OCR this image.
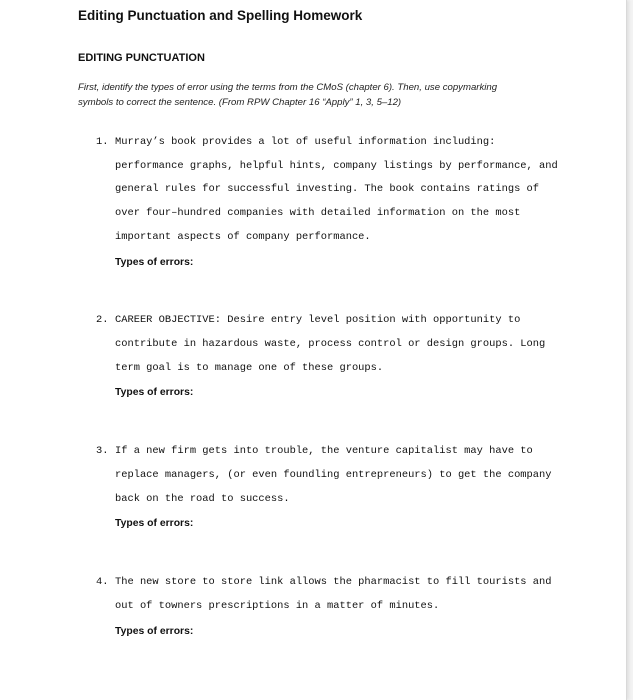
Editing Punctuation and Spelling Homework
EDITING PUNCTUATION
First, identify the types of error using the terms from the CMoS (chapter 6). Then, use copymarking
symbols to correct the sentence. (From RPW Chapter 16 “Apply” 1, 3, 5–12)
1. Murray’s book provides a lot of useful information including:
performance graphs, helpful hints, company listings by performance, and
general rules for successful investing. The book contains ratings of
over four–hundred companies with detailed information on the most
important aspects of company performance.
Types of errors:
2. CAREER OBJECTIVE: Desire entry level position with opportunity to
contribute in hazardous waste, process control or design groups. Long
term goal is to manage one of these groups.
Types of errors:
3. If a new firm gets into trouble, the venture capitalist may have to
replace managers, (or even foundling entrepreneurs) to get the company
back on the road to success.
Types of errors:
4. The new store to store link allows the pharmacist to fill tourists and
out of towners prescriptions in a matter of minutes.
Types of errors:
